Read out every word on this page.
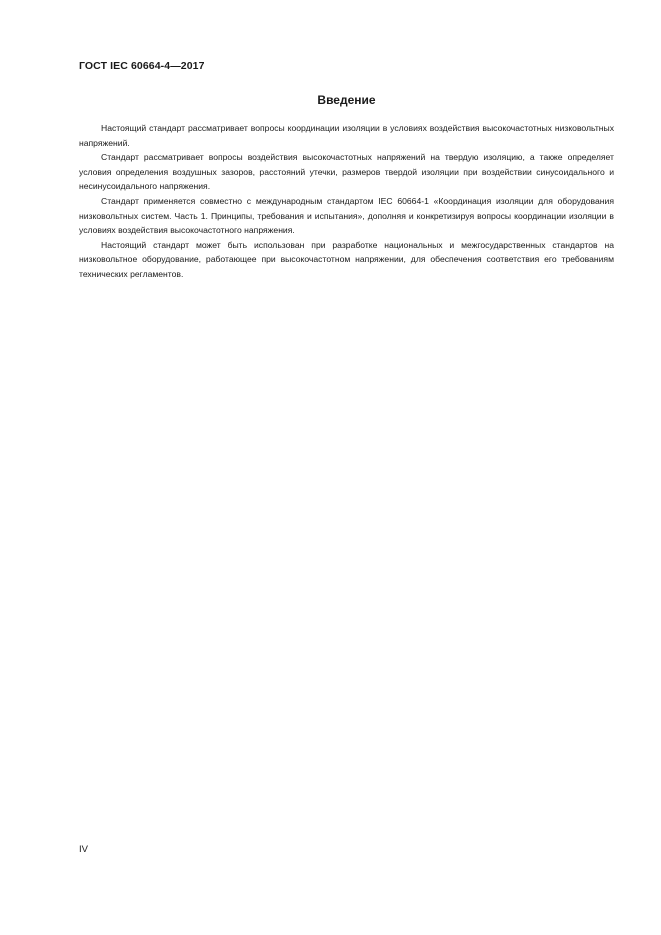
ГОСТ IEC 60664-4—2017
Введение

Настоящий стандарт рассматривает вопросы координации изоляции в условиях воздействия высокочастотных низковольтных напряжений.

Стандарт рассматривает вопросы воздействия высокочастотных напряжений на твердую изоляцию, а также определяет условия определения воздушных зазоров, расстояний утечки, размеров твердой изоляции при воздействии синусоидального и несинусоидального напряжения.

Стандарт применяется совместно с международным стандартом IEC 60664-1 «Координация изоляции для оборудования низковольтных систем. Часть 1. Принципы, требования и испытания», дополняя и конкретизируя вопросы координации изоляции в условиях воздействия высокочастотного напряжения.

Настоящий стандарт может быть использован при разработке национальных и межгосударственных стандартов на низковольтное оборудование, работающее при высокочастотном напряжении, для обеспечения соответствия его требованиям технических регламентов.

IV
